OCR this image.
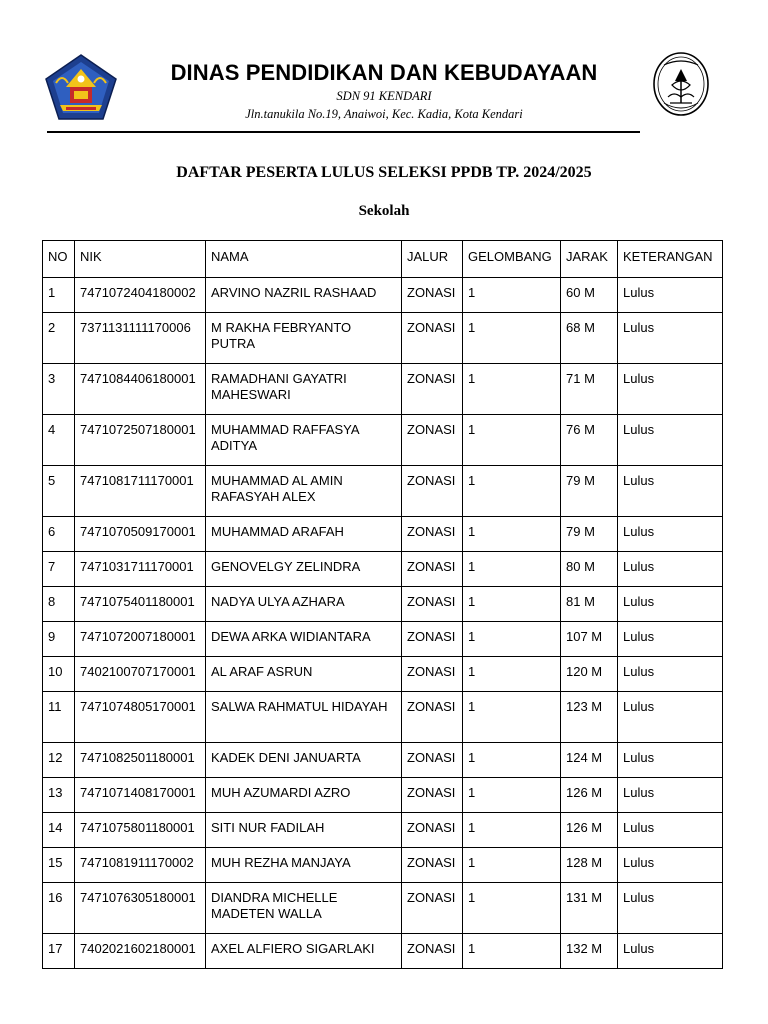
DINAS PENDIDIKAN DAN KEBUDAYAAN
SDN 91 KENDARI
Jln.tanukila No.19, Anaiwoi, Kec. Kadia, Kota Kendari
DAFTAR PESERTA LULUS SELEKSI PPDB TP. 2024/2025
Sekolah
NO	NIK	NAMA	JALUR	GELOMBANG	JARAK	KETERANGAN
1	7471072404180002	ARVINO NAZRIL RASHAAD	ZONASI	1	60 M	Lulus
2	7371131111170006	M RAKHA FEBRYANTO PUTRA	ZONASI	1	68 M	Lulus
3	7471084406180001	RAMADHANI GAYATRI MAHESWARI	ZONASI	1	71 M	Lulus
4	7471072507180001	MUHAMMAD RAFFASYA ADITYA	ZONASI	1	76 M	Lulus
5	7471081711170001	MUHAMMAD AL AMIN RAFASYAH ALEX	ZONASI	1	79 M	Lulus
6	7471070509170001	MUHAMMAD ARAFAH	ZONASI	1	79 M	Lulus
7	7471031711170001	GENOVELGY ZELINDRA	ZONASI	1	80 M	Lulus
8	7471075401180001	NADYA ULYA AZHARA	ZONASI	1	81 M	Lulus
9	7471072007180001	DEWA ARKA WIDIANTARA	ZONASI	1	107 M	Lulus
10	7402100707170001	AL ARAF ASRUN	ZONASI	1	120 M	Lulus
11	7471074805170001	SALWA RAHMATUL HIDAYAH	ZONASI	1	123 M	Lulus
12	7471082501180001	KADEK DENI JANUARTA	ZONASI	1	124 M	Lulus
13	7471071408170001	MUH AZUMARDI AZRO	ZONASI	1	126 M	Lulus
14	7471075801180001	SITI NUR FADILAH	ZONASI	1	126 M	Lulus
15	7471081911170002	MUH REZHA MANJAYA	ZONASI	1	128 M	Lulus
16	7471076305180001	DIANDRA MICHELLE MADETEN WALLA	ZONASI	1	131 M	Lulus
17	7402021602180001	AXEL ALFIERO SIGARLAKI	ZONASI	1	132 M	Lulus
